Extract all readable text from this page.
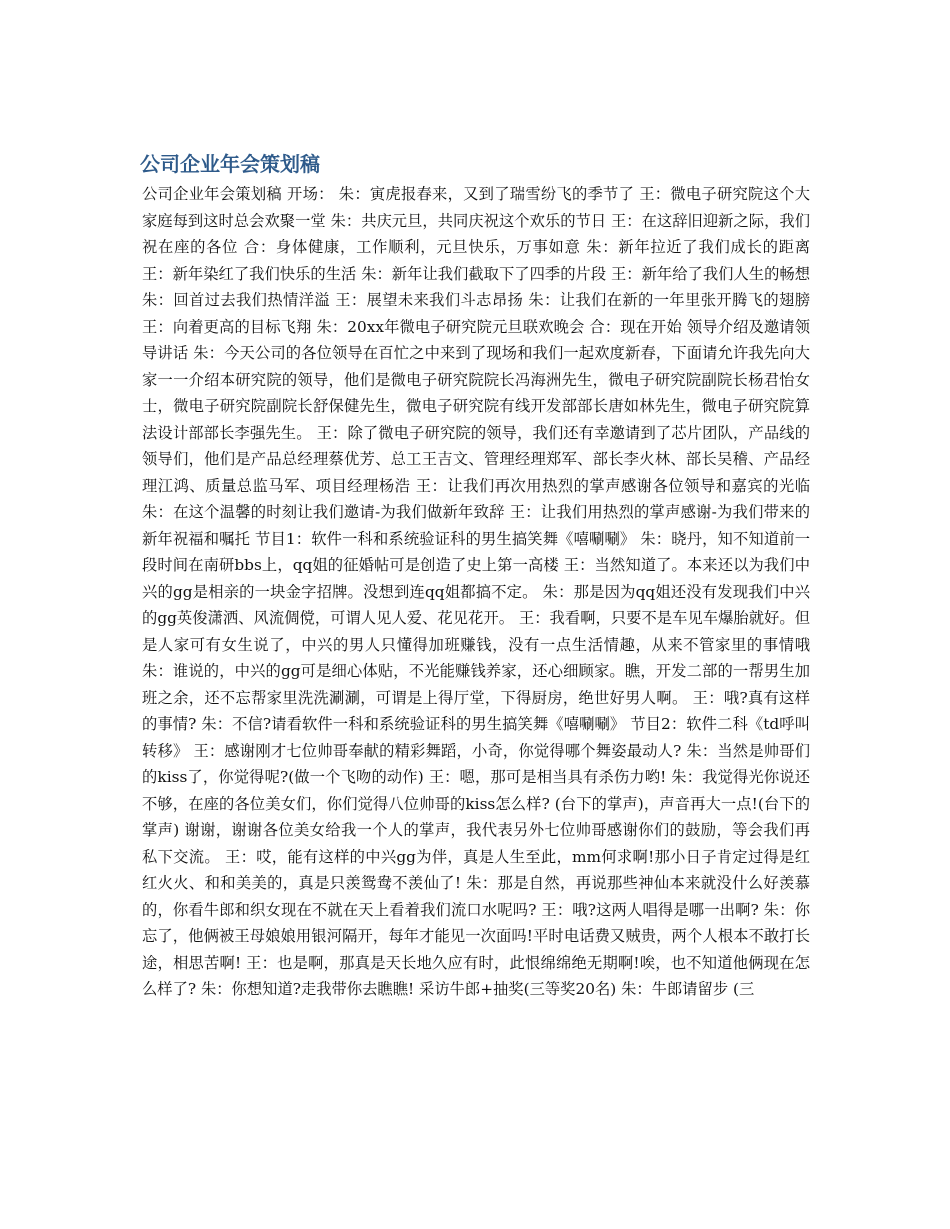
公司企业年会策划稿

公司企业年会策划稿 开场： 朱：寅虎报春来，又到了瑞雪纷飞的季节了 王：微电子研究院这个大家庭每到这时总会欢聚一堂 朱：共庆元旦，共同庆祝这个欢乐的节日 王：在这辞旧迎新之际，我们祝在座的各位 合：身体健康，工作顺利，元旦快乐，万事如意 朱：新年拉近了我们成长的距离 王：新年染红了我们快乐的生活 朱：新年让我们截取下了四季的片段 王：新年给了我们人生的畅想 朱：回首过去我们热情洋溢 王：展望未来我们斗志昂扬 朱：让我们在新的一年里张开腾飞的翅膀 王：向着更高的目标飞翔 朱：20xx年微电子研究院元旦联欢晚会 合：现在开始 领导介绍及邀请领导讲话 朱：今天公司的各位领导在百忙之中来到了现场和我们一起欢度新春，下面请允许我先向大家一一介绍本研究院的领导，他们是微电子研究院院长冯海洲先生，微电子研究院副院长杨君怡女士，微电子研究院副院长舒保健先生，微电子研究院有线开发部部长唐如林先生，微电子研究院算法设计部部长李强先生。 王：除了微电子研究院的领导，我们还有幸邀请到了芯片团队，产品线的领导们，他们是产品总经理蔡优芳、总工王吉文、管理经理郑军、部长李火林、部长吴稽、产品经理江鸿、质量总监马军、项目经理杨浩 王：让我们再次用热烈的掌声感谢各位领导和嘉宾的光临 朱：在这个温馨的时刻让我们邀请-为我们做新年致辞 王：让我们用热烈的掌声感谢-为我们带来的新年祝福和嘱托 节目1：软件一科和系统验证科的男生搞笑舞《嘻唰唰》 朱：晓丹，知不知道前一段时间在南研bbs上，qq姐的征婚帖可是创造了史上第一高楼 王：当然知道了。本来还以为我们中兴的gg是相亲的一块金字招牌。没想到连qq姐都搞不定。 朱：那是因为qq姐还没有发现我们中兴的gg英俊潇洒、风流倜傥，可谓人见人爱、花见花开。 王：我看啊，只要不是车见车爆胎就好。但是人家可有女生说了，中兴的男人只懂得加班赚钱，没有一点生活情趣，从来不管家里的事情哦 朱：谁说的，中兴的gg可是细心体贴，不光能赚钱养家，还心细顾家。瞧，开发二部的一帮男生加班之余，还不忘帮家里洗洗涮涮，可谓是上得厅堂，下得厨房，绝世好男人啊。 王：哦?真有这样的事情? 朱：不信?请看软件一科和系统验证科的男生搞笑舞《嘻唰唰》 节目2：软件二科《td呼叫转移》 王：感谢刚才七位帅哥奉献的精彩舞蹈，小奇，你觉得哪个舞姿最动人? 朱：当然是帅哥们的kiss了，你觉得呢?(做一个飞吻的动作) 王：嗯，那可是相当具有杀伤力哟! 朱：我觉得光你说还不够，在座的各位美女们，你们觉得八位帅哥的kiss怎么样? (台下的掌声)，声音再大一点!(台下的掌声) 谢谢，谢谢各位美女给我一个人的掌声，我代表另外七位帅哥感谢你们的鼓励，等会我们再私下交流。 王：哎，能有这样的中兴gg为伴，真是人生至此，mm何求啊!那小日子肯定过得是红红火火、和和美美的，真是只羡鸳鸯不羡仙了! 朱：那是自然，再说那些神仙本来就没什么好羡慕的，你看牛郎和织女现在不就在天上看着我们流口水呢吗? 王：哦?这两人唱得是哪一出啊? 朱：你忘了，他俩被王母娘娘用银河隔开，每年才能见一次面吗!平时电话费又贼贵，两个人根本不敢打长途，相思苦啊! 王：也是啊，那真是天长地久应有时，此恨绵绵绝无期啊!唉，也不知道他俩现在怎么样了? 朱：你想知道?走我带你去瞧瞧! 采访牛郎+抽奖(三等奖20名) 朱：牛郎请留步 (三
